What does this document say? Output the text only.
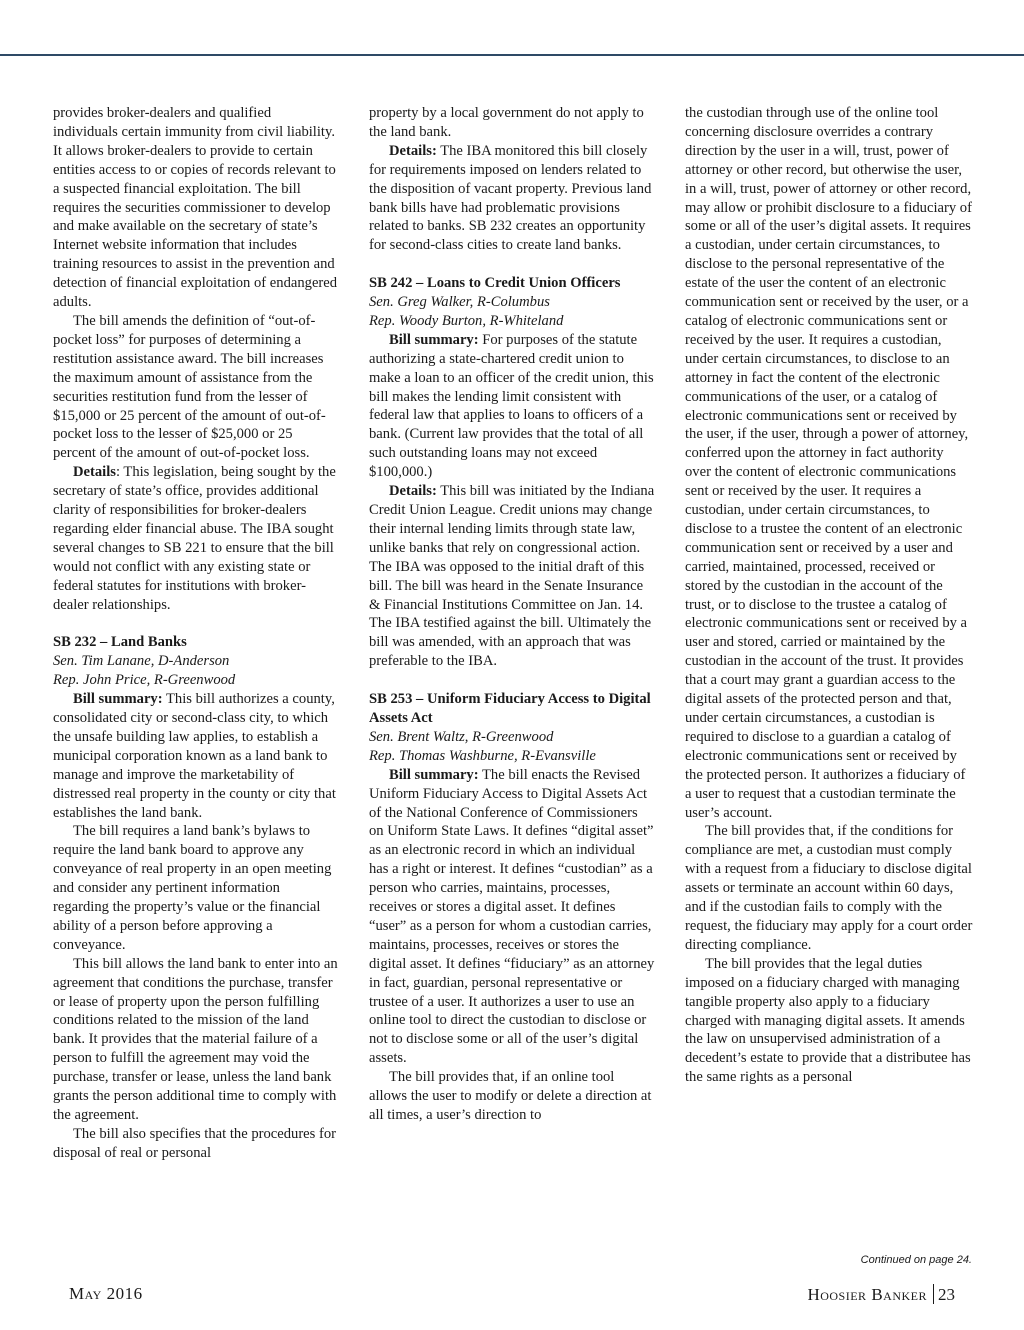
provides broker-dealers and qualified individuals certain immunity from civil liability. It allows broker-dealers to provide to certain entities access to or copies of records relevant to a suspected financial exploitation. The bill requires the securities commissioner to develop and make available on the secretary of state’s Internet website information that includes training resources to assist in the prevention and detection of financial exploitation of endangered adults.

The bill amends the definition of “out-of-pocket loss” for purposes of determining a restitution assistance award. The bill increases the maximum amount of assistance from the securities restitution fund from the lesser of $15,000 or 25 percent of the amount of out-of-pocket loss to the lesser of $25,000 or 25 percent of the amount of out-of-pocket loss.

Details: This legislation, being sought by the secretary of state’s office, provides additional clarity of responsibilities for broker-dealers regarding elder financial abuse. The IBA sought several changes to SB 221 to ensure that the bill would not conflict with any existing state or federal statutes for institutions with broker-dealer relationships.

SB 232 – Land Banks

Sen. Tim Lanane, D-Anderson

Rep. John Price, R-Greenwood

Bill summary: This bill authorizes a county, consolidated city or second-class city, to which the unsafe building law applies, to establish a municipal corporation known as a land bank to manage and improve the marketability of distressed real property in the county or city that establishes the land bank.

The bill requires a land bank’s bylaws to require the land bank board to approve any conveyance of real property in an open meeting and consider any pertinent information regarding the property’s value or the financial ability of a person before approving a conveyance.

This bill allows the land bank to enter into an agreement that conditions the purchase, transfer or lease of property upon the person fulfilling conditions related to the mission of the land bank. It provides that the material failure of a person to fulfill the agreement may void the purchase, transfer or lease, unless the land bank grants the person additional time to comply with the agreement.

The bill also specifies that the procedures for disposal of real or personal

property by a local government do not apply to the land bank.

Details: The IBA monitored this bill closely for requirements imposed on lenders related to the disposition of vacant property. Previous land bank bills have had problematic provisions related to banks. SB 232 creates an opportunity for second-class cities to create land banks.

SB 242 – Loans to Credit Union Officers

Sen. Greg Walker, R-Columbus

Rep. Woody Burton, R-Whiteland

Bill summary: For purposes of the statute authorizing a state-chartered credit union to make a loan to an officer of the credit union, this bill makes the lending limit consistent with federal law that applies to loans to officers of a bank. (Current law provides that the total of all such outstanding loans may not exceed $100,000.)

Details: This bill was initiated by the Indiana Credit Union League. Credit unions may change their internal lending limits through state law, unlike banks that rely on congressional action. The IBA was opposed to the initial draft of this bill. The bill was heard in the Senate Insurance & Financial Institutions Committee on Jan. 14. The IBA testified against the bill. Ultimately the bill was amended, with an approach that was preferable to the IBA.

SB 253 – Uniform Fiduciary Access to Digital Assets Act

Sen. Brent Waltz, R-Greenwood

Rep. Thomas Washburne, R-Evansville

Bill summary: The bill enacts the Revised Uniform Fiduciary Access to Digital Assets Act of the National Conference of Commissioners on Uniform State Laws. It defines “digital asset” as an electronic record in which an individual has a right or interest. It defines “custodian” as a person who carries, maintains, processes, receives or stores a digital asset. It defines “user” as a person for whom a custodian carries, maintains, processes, receives or stores the digital asset. It defines “fiduciary” as an attorney in fact, guardian, personal representative or trustee of a user. It authorizes a user to use an online tool to direct the custodian to disclose or not to disclose some or all of the user’s digital assets.

The bill provides that, if an online tool allows the user to modify or delete a direction at all times, a user’s direction to

the custodian through use of the online tool concerning disclosure overrides a contrary direction by the user in a will, trust, power of attorney or other record, but otherwise the user, in a will, trust, power of attorney or other record, may allow or prohibit disclosure to a fiduciary of some or all of the user’s digital assets. It requires a custodian, under certain circumstances, to disclose to the personal representative of the estate of the user the content of an electronic communication sent or received by the user, or a catalog of electronic communications sent or received by the user. It requires a custodian, under certain circumstances, to disclose to an attorney in fact the content of the electronic communications of the user, or a catalog of electronic communications sent or received by the user, if the user, through a power of attorney, conferred upon the attorney in fact authority over the content of electronic communications sent or received by the user. It requires a custodian, under certain circumstances, to disclose to a trustee the content of an electronic communication sent or received by a user and carried, maintained, processed, received or stored by the custodian in the account of the trust, or to disclose to the trustee a catalog of electronic communications sent or received by a user and stored, carried or maintained by the custodian in the account of the trust. It provides that a court may grant a guardian access to the digital assets of the protected person and that, under certain circumstances, a custodian is required to disclose to a guardian a catalog of electronic communications sent or received by the protected person. It authorizes a fiduciary of a user to request that a custodian terminate the user’s account.

The bill provides that, if the conditions for compliance are met, a custodian must comply with a request from a fiduciary to disclose digital assets or terminate an account within 60 days, and if the custodian fails to comply with the request, the fiduciary may apply for a court order directing compliance.

The bill provides that the legal duties imposed on a fiduciary charged with managing tangible property also apply to a fiduciary charged with managing digital assets. It amends the law on unsupervised administration of a decedent’s estate to provide that a distributee has the same rights as a personal

Continued on page 24.
May 2016	Hoosier Banker 23
